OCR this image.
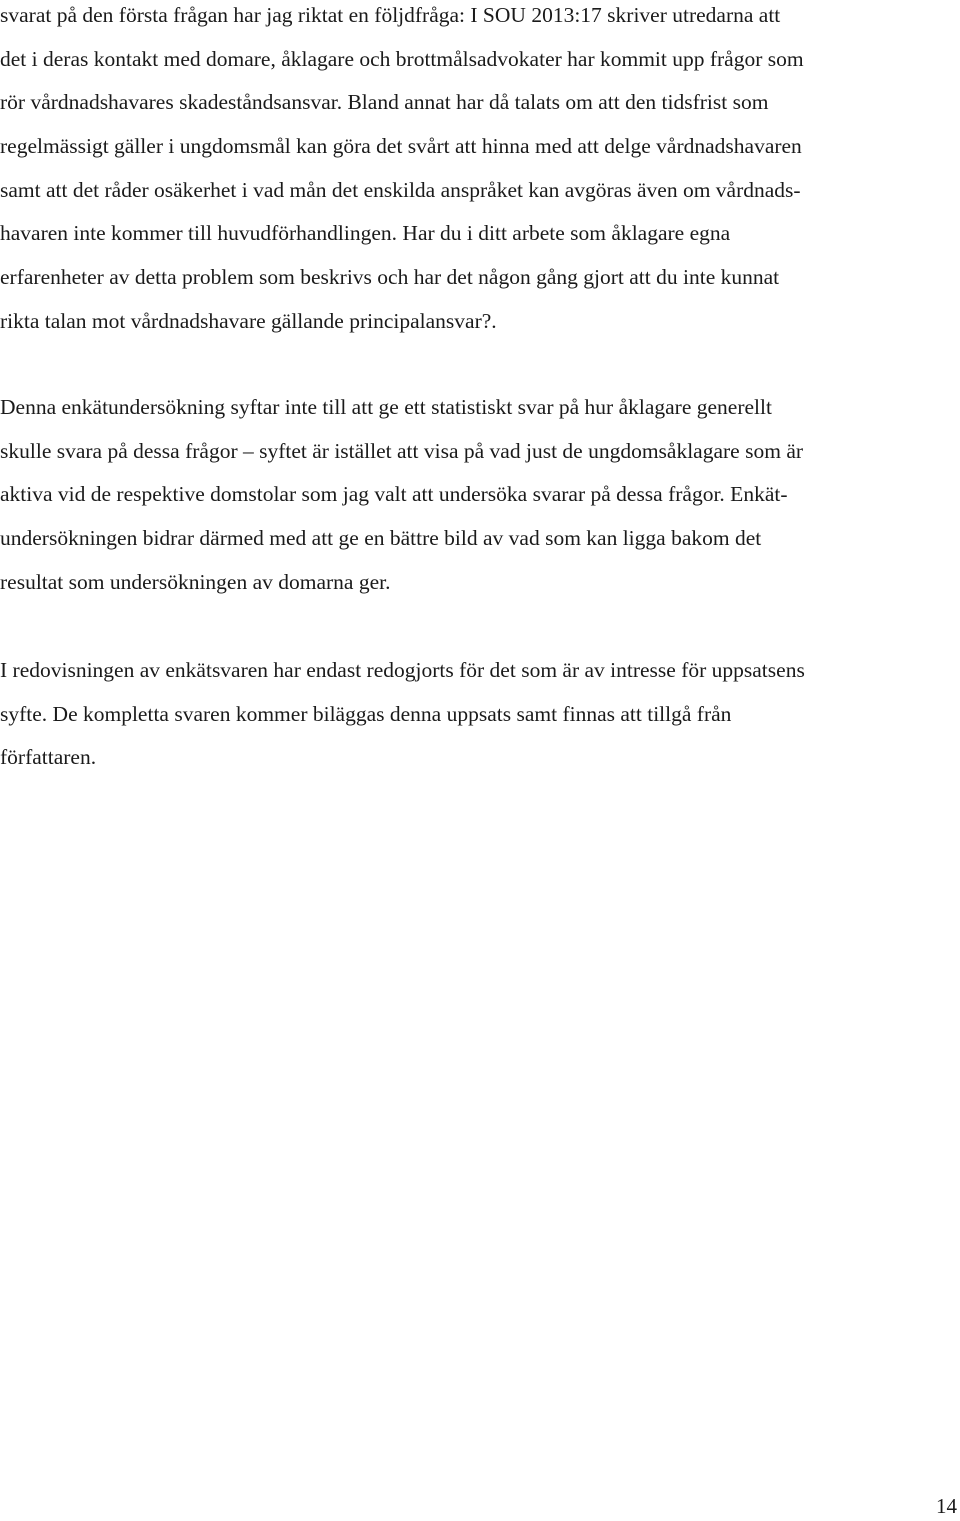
svarat på den första frågan har jag riktat en följdfråga: I SOU 2013:17 skriver utredarna att
det i deras kontakt med domare, åklagare och brottmålsadvokater har kommit upp frågor som
rör vårdnadshavares skadeståndsansvar. Bland annat har då talats om att den tidsfrist som
regelmässigt gäller i ungdomsmål kan göra det svårt att hinna med att delge vårdnadshavaren
samt att det råder osäkerhet i vad mån det enskilda anspråket kan avgöras även om vårdnads-
havaren inte kommer till huvudförhandlingen. Har du i ditt arbete som åklagare egna
erfarenheter av detta problem som beskrivs och har det någon gång gjort att du inte kunnat
rikta talan mot vårdnadshavare gällande principalansvar?.
Denna enkätundersökning syftar inte till att ge ett statistiskt svar på hur åklagare generellt
skulle svara på dessa frågor – syftet är istället att visa på vad just de ungdomsåklagare som är
aktiva vid de respektive domstolar som jag valt att undersöka svarar på dessa frågor. Enkät-
undersökningen bidrar därmed med att ge en bättre bild av vad som kan ligga bakom det
resultat som undersökningen av domarna ger.
I redovisningen av enkätsvaren har endast redogjorts för det som är av intresse för uppsatsens
syfte. De kompletta svaren kommer biläggas denna uppsats samt finnas att tillgå från
författaren.
14
